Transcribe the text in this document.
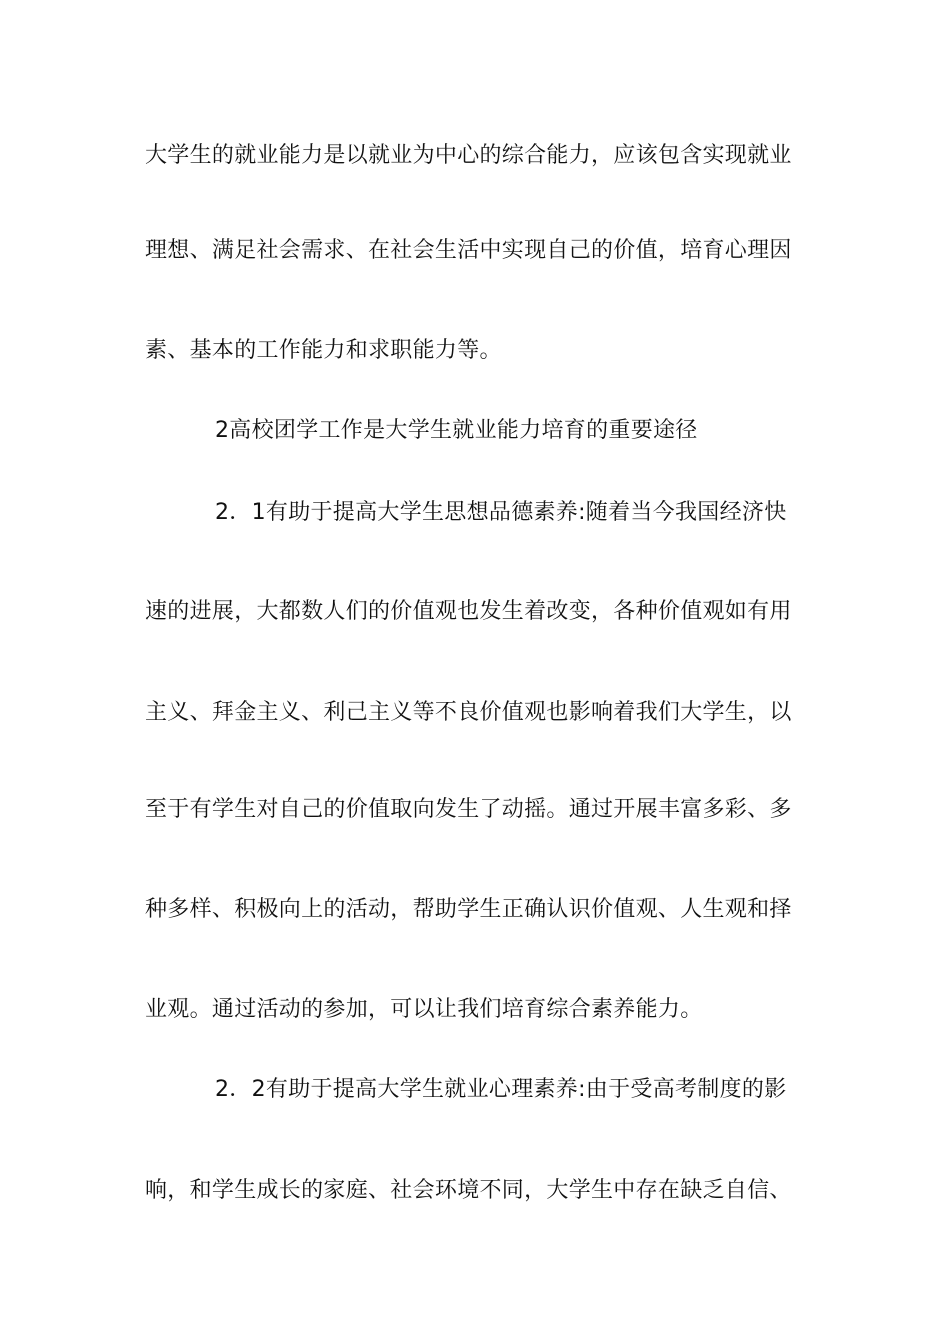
大学生的就业能力是以就业为中心的综合能力，应该包含实现就业
理想、满足社会需求、在社会生活中实现自己的价值，培育心理因
素、基本的工作能力和求职能力等。
2高校团学工作是大学生就业能力培育的重要途径
2．1有助于提高大学生思想品德素养:随着当今我国经济快
速的进展，大都数人们的价值观也发生着改变，各种价值观如有用
主义、拜金主义、利己主义等不良价值观也影响着我们大学生，以
至于有学生对自己的价值取向发生了动摇。通过开展丰富多彩、多
种多样、积极向上的活动，帮助学生正确认识价值观、人生观和择
业观。通过活动的参加，可以让我们培育综合素养能力。
2．2有助于提高大学生就业心理素养:由于受高考制度的影
响，和学生成长的家庭、社会环境不同，大学生中存在缺乏自信、
